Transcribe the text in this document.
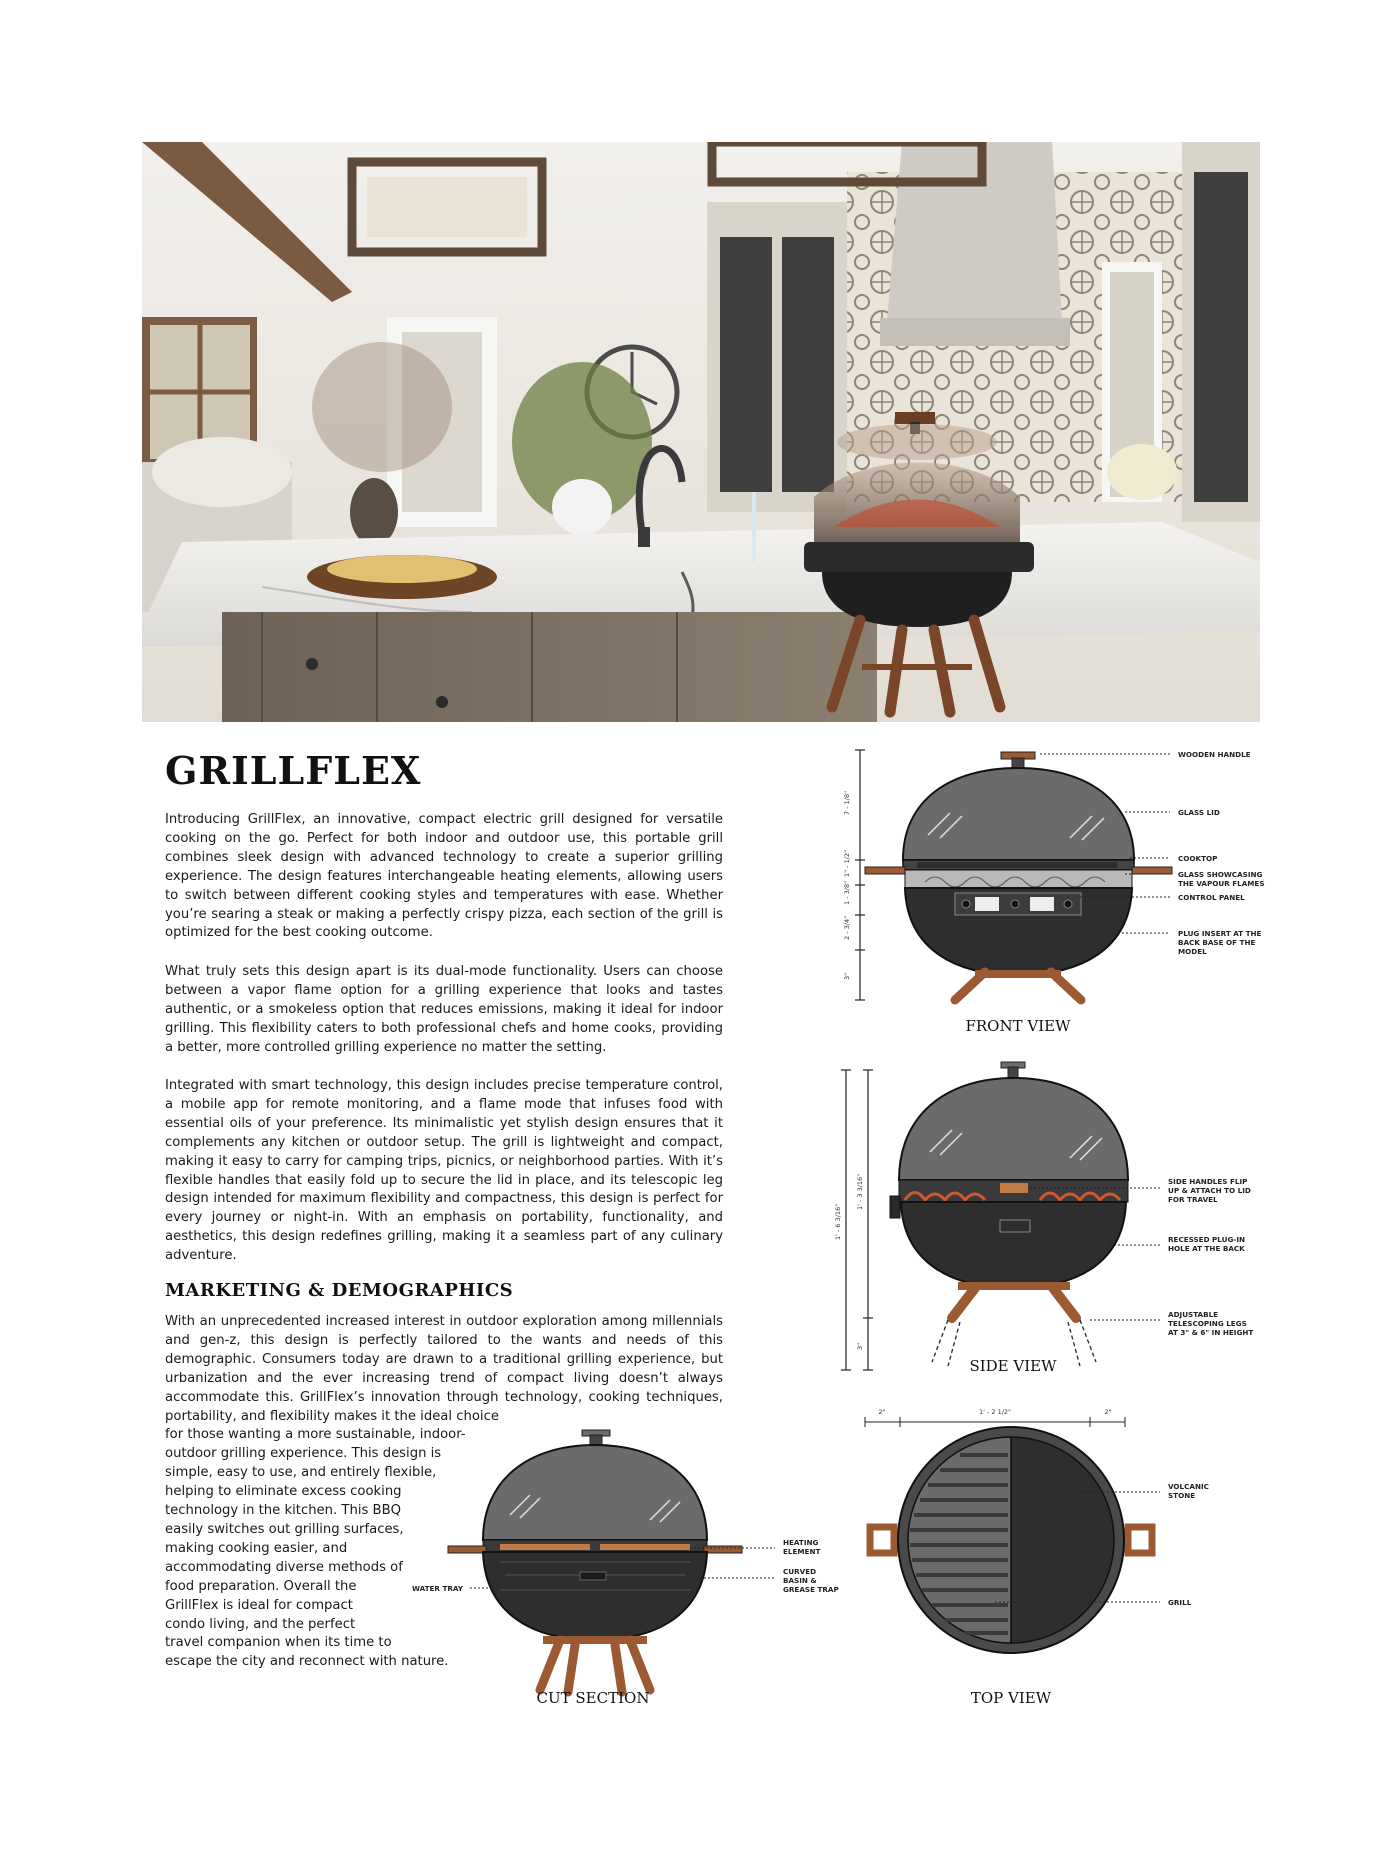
GRILLFLEX

Introducing GrillFlex, an innovative, compact electric grill designed for versatile cooking on the go. Perfect for both indoor and outdoor use, this portable grill combines sleek design with advanced technology to create a superior grilling experience. The design features interchangeable heating elements, allowing users to switch between different cooking styles and temperatures with ease. Whether you’re searing a steak or making a perfectly crispy pizza, each section of the grill is optimized for the best cooking outcome.

What truly sets this design apart is its dual-mode functionality. Users can choose between a vapor flame option for a grilling experience that looks and tastes authentic, or a smokeless option that reduces emissions, making it ideal for indoor grilling. This flexibility caters to both professional chefs and home cooks, providing a better, more controlled grilling experience no matter the setting.

Integrated with smart technology, this design includes precise temperature control, a mobile app for remote monitoring, and a flame mode that infuses food with essential oils of your preference. Its minimalistic yet stylish design ensures that it complements any kitchen or outdoor setup. The grill is lightweight and compact, making it easy to carry for camping trips, picnics, or neighborhood parties. With it’s flexible handles that easily fold up to secure the lid in place, and its telescopic leg design intended for maximum flexibility and compactness, this design is perfect for every journey or night-in. With an emphasis on portability, functionality, and aesthetics, this design redefines grilling, making it a seamless part of any culinary adventure.

MARKETING & DEMOGRAPHICS
With an unprecedented increased interest in outdoor exploration among millennials
and gen-z, this design is perfectly tailored to the wants and needs of this
demographic. Consumers today are drawn to a traditional grilling experience, but
urbanization and the ever increasing trend of compact living doesn’t always
accommodate this. GrillFlex’s innovation through technology, cooking techniques,
portability, and flexibility makes it the ideal choice
for those wanting a more sustainable, indoor-
outdoor grilling experience. This design is
simple, easy to use, and entirely flexible,
helping to eliminate excess cooking
technology in the kitchen. This BBQ
easily switches out grilling surfaces,
making cooking easier, and
accommodating diverse methods of
food preparation. Overall the
GrillFlex is ideal for compact
condo living, and the perfect
travel companion when its time to
escape the city and reconnect with nature.
7 - 1/8"
1" - 1/2"
1 - 3/8"
2 - 3/4"
3"
WOODEN HANDLE
GLASS LID
COOKTOP
GLASS SHOWCASING
THE VAPOUR FLAMES
CONTROL PANEL
PLUG INSERT AT THE
BACK BASE OF THE
MODEL
FRONT VIEW
1' - 6 3/16"
1' - 3 3/16"
3"
SIDE HANDLES FLIP
UP & ATTACH TO LID
FOR TRAVEL
RECESSED PLUG-IN
HOLE AT THE BACK
ADJUSTABLE
TELESCOPING LEGS
AT 3" & 6" IN HEIGHT
SIDE VIEW
HEATING
ELEMENT
CURVED
BASIN &
GREASE TRAP
WATER TRAY
CUT SECTION
2"	1' - 2 1/2"	2"
VOLCANIC
STONE
GRILL
TOP VIEW
